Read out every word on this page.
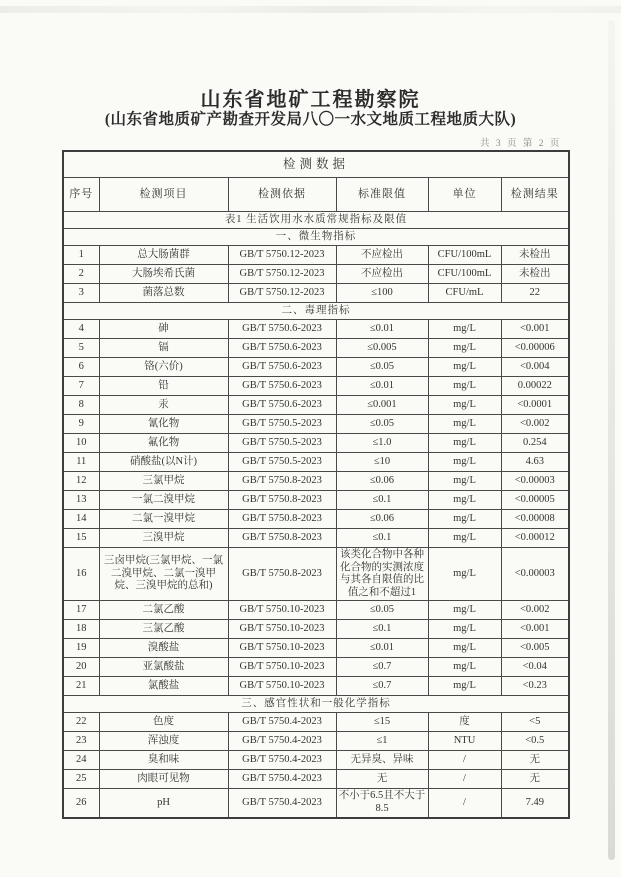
山东省地矿工程勘察院
(山东省地质矿产勘查开发局八〇一水文地质工程地质大队)
共 3 页 第 2 页
检测数据					
序号	检测项目	检测依据	标准限值	单位	检测结果
表1 生活饮用水水质常规指标及限值					
一、微生物指标					
1	总大肠菌群	GB/T 5750.12-2023	不应检出	CFU/100mL	未检出
2	大肠埃希氏菌	GB/T 5750.12-2023	不应检出	CFU/100mL	未检出
3	菌落总数	GB/T 5750.12-2023	≤100	CFU/mL	22
二、毒理指标					
4	砷	GB/T 5750.6-2023	≤0.01	mg/L	<0.001
5	镉	GB/T 5750.6-2023	≤0.005	mg/L	<0.00006
6	铬(六价)	GB/T 5750.6-2023	≤0.05	mg/L	<0.004
7	铅	GB/T 5750.6-2023	≤0.01	mg/L	0.00022
8	汞	GB/T 5750.6-2023	≤0.001	mg/L	<0.0001
9	氰化物	GB/T 5750.5-2023	≤0.05	mg/L	<0.002
10	氟化物	GB/T 5750.5-2023	≤1.0	mg/L	0.254
11	硝酸盐(以N计)	GB/T 5750.5-2023	≤10	mg/L	4.63
12	三氯甲烷	GB/T 5750.8-2023	≤0.06	mg/L	<0.00003
13	一氯二溴甲烷	GB/T 5750.8-2023	≤0.1	mg/L	<0.00005
14	二氯一溴甲烷	GB/T 5750.8-2023	≤0.06	mg/L	<0.00008
15	三溴甲烷	GB/T 5750.8-2023	≤0.1	mg/L	<0.00012
16	三卤甲烷(三氯甲烷、一氯二溴甲烷、二氯一溴甲烷、三溴甲烷的总和)	GB/T 5750.8-2023	该类化合物中各种化合物的实测浓度与其各自限值的比值之和不超过1	mg/L	<0.00003
17	二氯乙酸	GB/T 5750.10-2023	≤0.05	mg/L	<0.002
18	三氯乙酸	GB/T 5750.10-2023	≤0.1	mg/L	<0.001
19	溴酸盐	GB/T 5750.10-2023	≤0.01	mg/L	<0.005
20	亚氯酸盐	GB/T 5750.10-2023	≤0.7	mg/L	<0.04
21	氯酸盐	GB/T 5750.10-2023	≤0.7	mg/L	<0.23
三、感官性状和一般化学指标					
22	色度	GB/T 5750.4-2023	≤15	度	<5
23	浑浊度	GB/T 5750.4-2023	≤1	NTU	<0.5
24	臭和味	GB/T 5750.4-2023	无异臭、异味	/	无
25	肉眼可见物	GB/T 5750.4-2023	无	/	无
26	pH	GB/T 5750.4-2023	不小于6.5且不大于8.5	/	7.49
